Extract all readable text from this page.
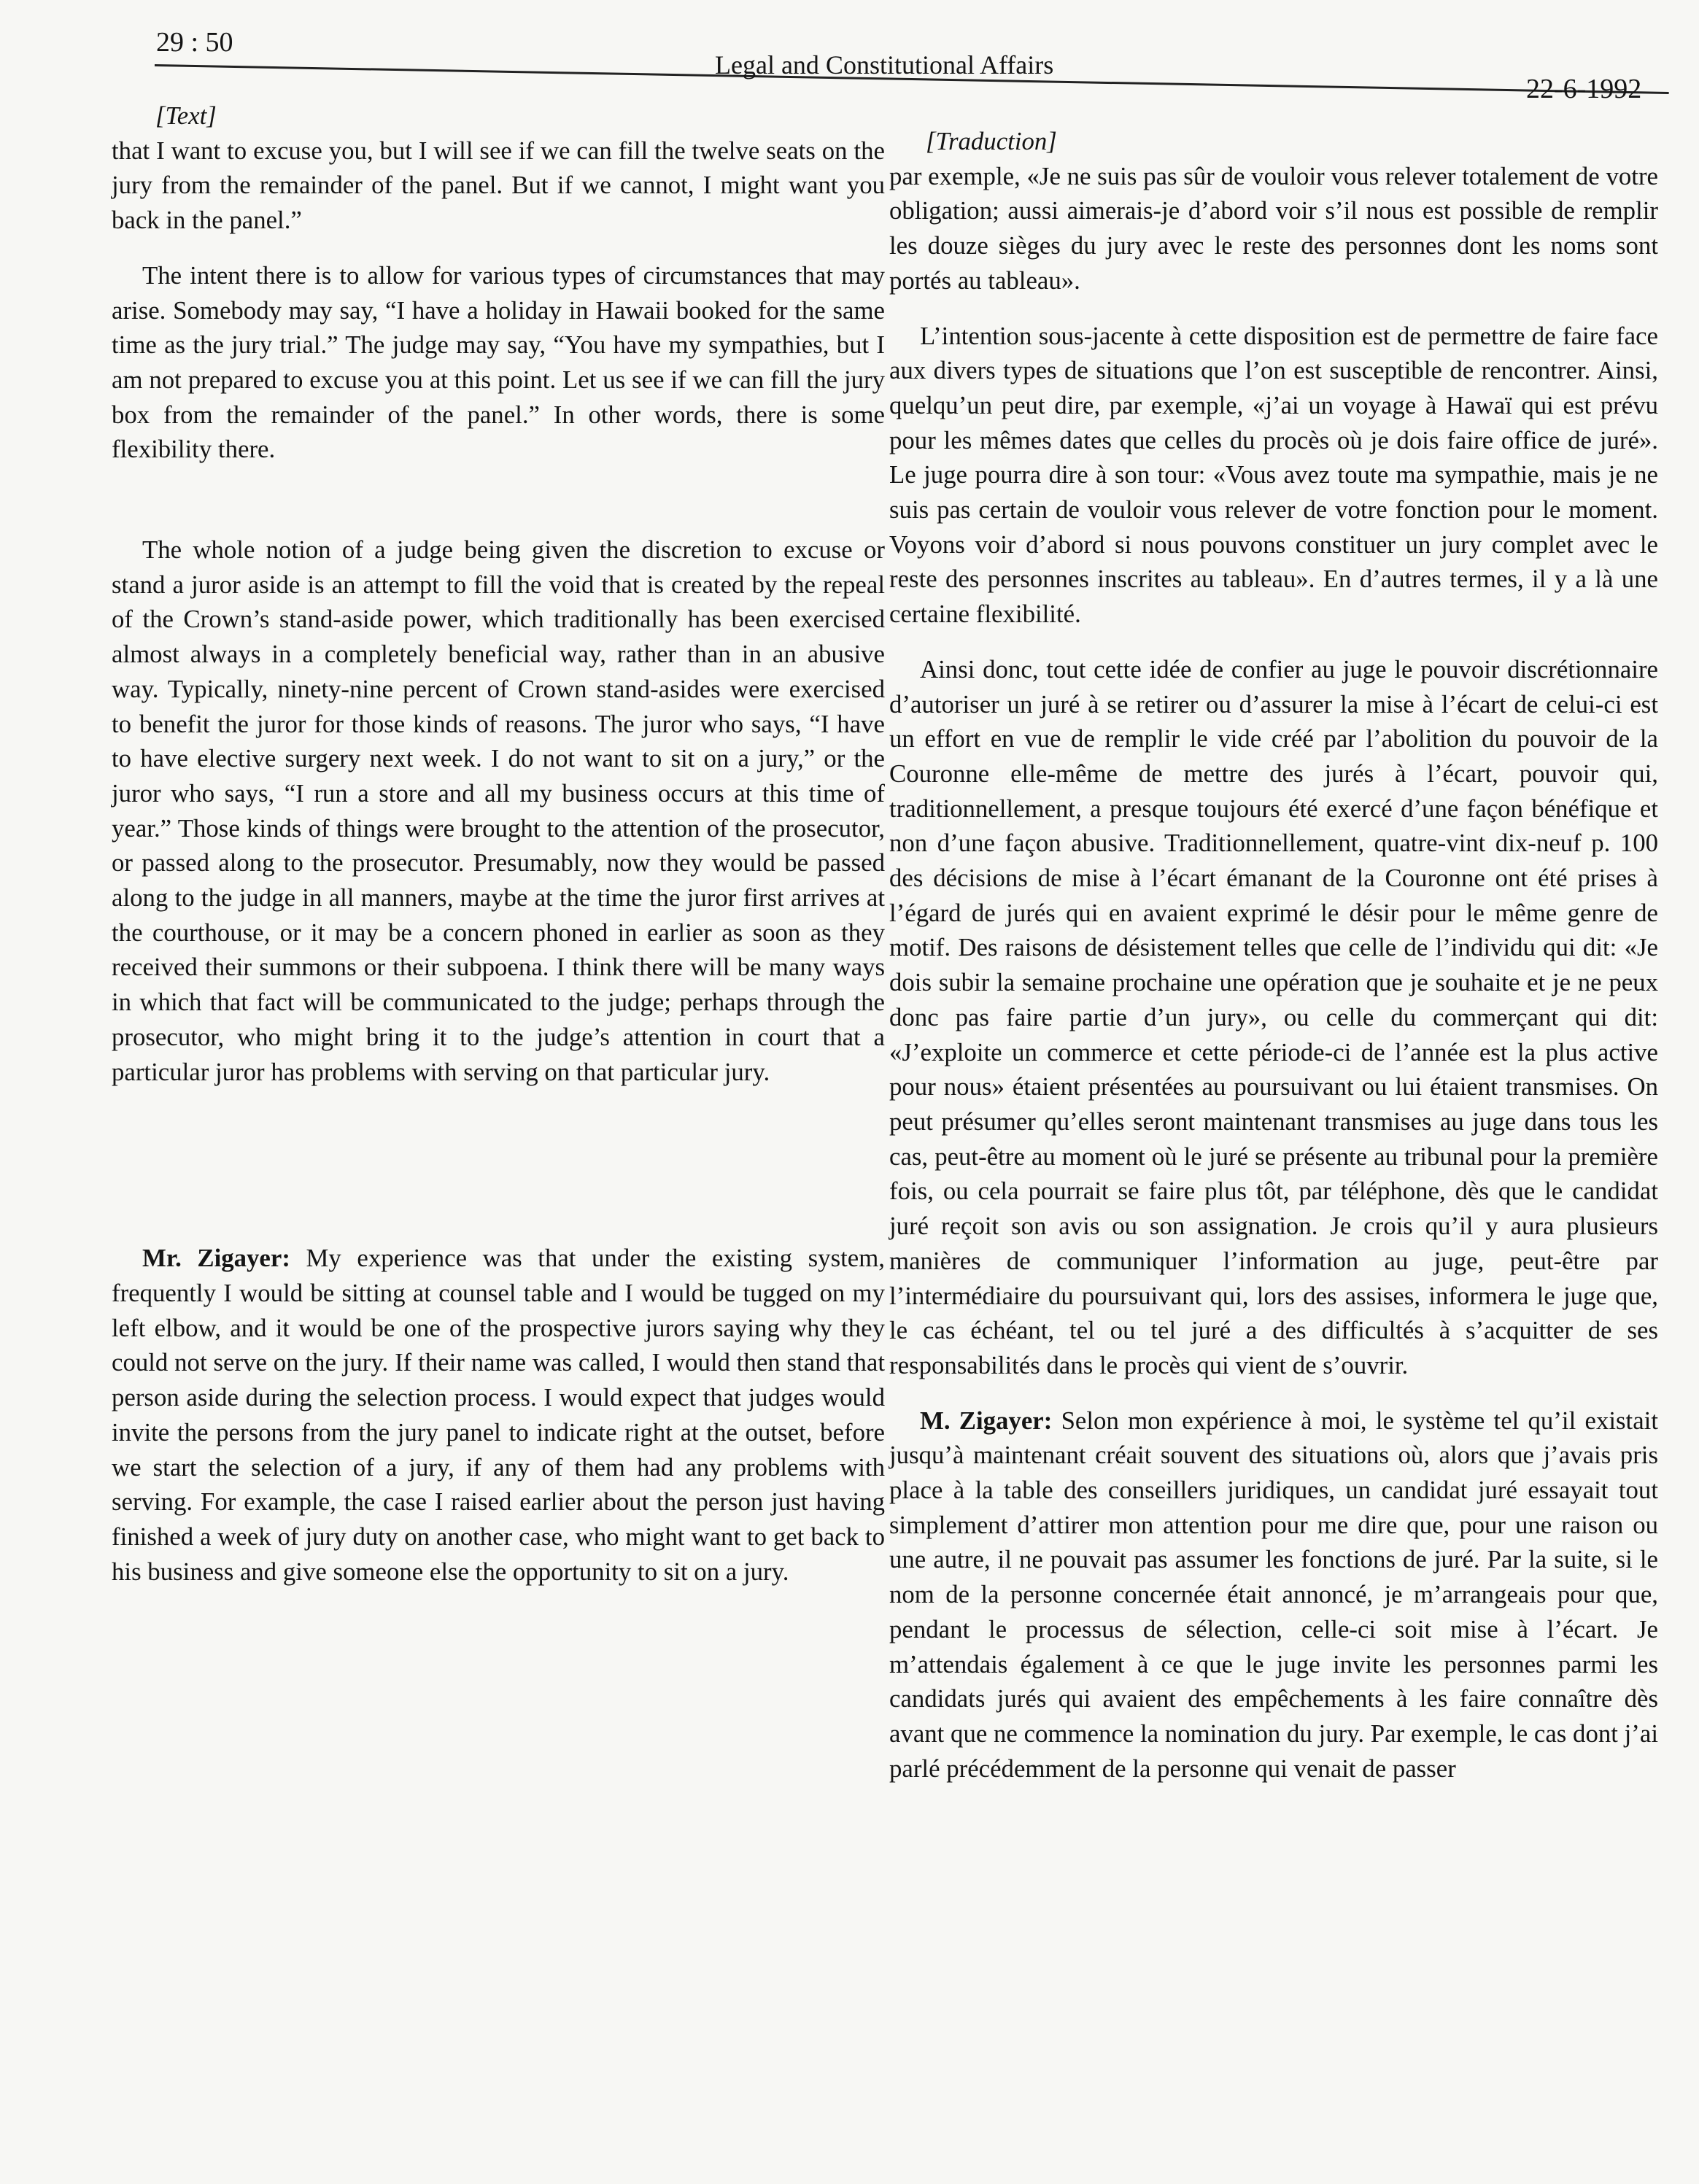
29 : 50
Legal and Constitutional Affairs
22-6-1992

[Text]

that I want to excuse you, but I will see if we can fill the twelve seats on the jury from the remainder of the panel. But if we cannot, I might want you back in the panel.”

The intent there is to allow for various types of circumstances that may arise. Somebody may say, “I have a holiday in Hawaii booked for the same time as the jury trial.” The judge may say, “You have my sympathies, but I am not prepared to excuse you at this point. Let us see if we can fill the jury box from the remainder of the panel.” In other words, there is some flexibility there.

The whole notion of a judge being given the discretion to excuse or stand a juror aside is an attempt to fill the void that is created by the repeal of the Crown’s stand-aside power, which traditionally has been exercised almost always in a completely beneficial way, rather than in an abusive way. Typically, ninety-nine percent of Crown stand-asides were exercised to benefit the juror for those kinds of reasons. The juror who says, “I have to have elective surgery next week. I do not want to sit on a jury,” or the juror who says, “I run a store and all my business occurs at this time of year.” Those kinds of things were brought to the attention of the prosecutor, or passed along to the prosecutor. Presumably, now they would be passed along to the judge in all manners, maybe at the time the juror first arrives at the courthouse, or it may be a concern phoned in earlier as soon as they received their summons or their subpoena. I think there will be many ways in which that fact will be communicated to the judge; perhaps through the prosecutor, who might bring it to the judge’s attention in court that a particular juror has problems with serving on that particular jury.

Mr. Zigayer: My experience was that under the existing system, frequently I would be sitting at counsel table and I would be tugged on my left elbow, and it would be one of the prospective jurors saying why they could not serve on the jury. If their name was called, I would then stand that person aside during the selection process. I would expect that judges would invite the persons from the jury panel to indicate right at the outset, before we start the selection of a jury, if any of them had any problems with serving. For example, the case I raised earlier about the person just having finished a week of jury duty on another case, who might want to get back to his business and give someone else the opportunity to sit on a jury.

[Traduction]

par exemple, «Je ne suis pas sûr de vouloir vous relever totalement de votre obligation; aussi aimerais-je d’abord voir s’il nous est possible de remplir les douze sièges du jury avec le reste des personnes dont les noms sont portés au tableau».

L’intention sous-jacente à cette disposition est de permettre de faire face aux divers types de situations que l’on est susceptible de rencontrer. Ainsi, quelqu’un peut dire, par exemple, «j’ai un voyage à Hawaï qui est prévu pour les mêmes dates que celles du procès où je dois faire office de juré». Le juge pourra dire à son tour: «Vous avez toute ma sympathie, mais je ne suis pas certain de vouloir vous relever de votre fonction pour le moment. Voyons voir d’abord si nous pouvons constituer un jury complet avec le reste des personnes inscrites au tableau». En d’autres termes, il y a là une certaine flexibilité.

Ainsi donc, tout cette idée de confier au juge le pouvoir discrétionnaire d’autoriser un juré à se retirer ou d’assurer la mise à l’écart de celui-ci est un effort en vue de remplir le vide créé par l’abolition du pouvoir de la Couronne elle-même de mettre des jurés à l’écart, pouvoir qui, traditionnellement, a presque toujours été exercé d’une façon bénéfique et non d’une façon abusive. Traditionnellement, quatre-vint dix-neuf p. 100 des décisions de mise à l’écart émanant de la Couronne ont été prises à l’égard de jurés qui en avaient exprimé le désir pour le même genre de motif. Des raisons de désistement telles que celle de l’individu qui dit: «Je dois subir la semaine prochaine une opération que je souhaite et je ne peux donc pas faire partie d’un jury», ou celle du commerçant qui dit: «J’exploite un commerce et cette période-ci de l’année est la plus active pour nous» étaient présentées au poursuivant ou lui étaient transmises. On peut présumer qu’elles seront maintenant transmises au juge dans tous les cas, peut-être au moment où le juré se présente au tribunal pour la première fois, ou cela pourrait se faire plus tôt, par téléphone, dès que le candidat juré reçoit son avis ou son assignation. Je crois qu’il y aura plusieurs manières de communiquer l’information au juge, peut-être par l’intermédiaire du poursuivant qui, lors des assises, informera le juge que, le cas échéant, tel ou tel juré a des difficultés à s’acquitter de ses responsabilités dans le procès qui vient de s’ouvrir.

M. Zigayer: Selon mon expérience à moi, le système tel qu’il existait jusqu’à maintenant créait souvent des situations où, alors que j’avais pris place à la table des conseillers juridiques, un candidat juré essayait tout simplement d’attirer mon attention pour me dire que, pour une raison ou une autre, il ne pouvait pas assumer les fonctions de juré. Par la suite, si le nom de la personne concernée était annoncé, je m’arrangeais pour que, pendant le processus de sélection, celle-ci soit mise à l’écart. Je m’attendais également à ce que le juge invite les personnes parmi les candidats jurés qui avaient des empêchements à les faire connaître dès avant que ne commence la nomination du jury. Par exemple, le cas dont j’ai parlé précédemment de la personne qui venait de passer
